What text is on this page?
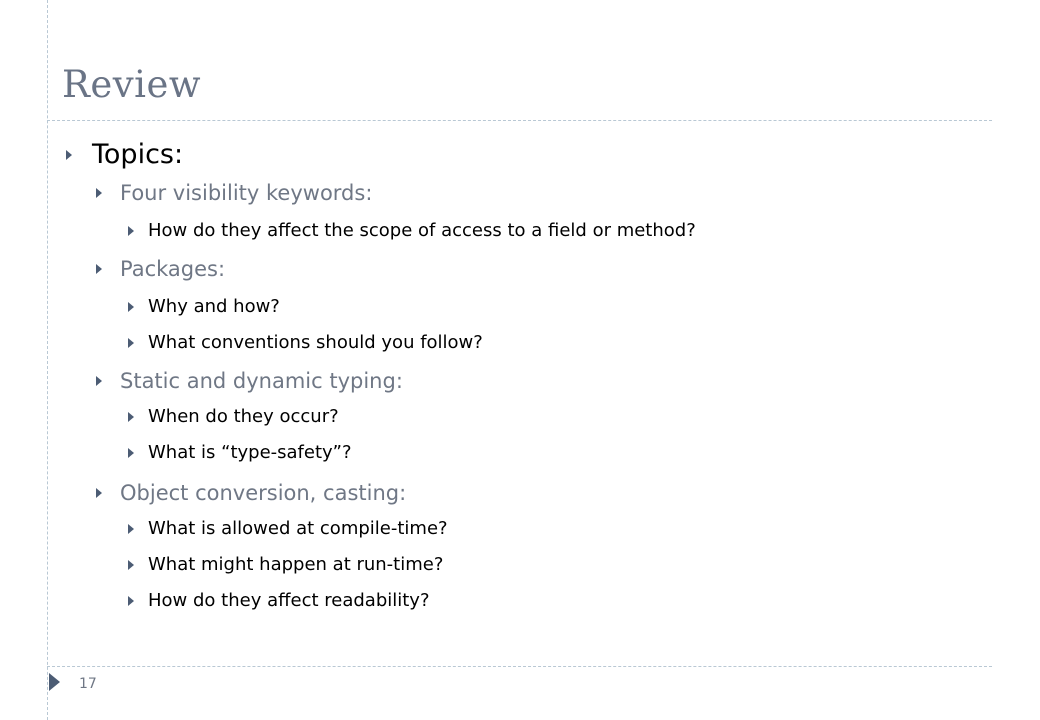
Review
Topics:
Four visibility keywords:
How do they affect the scope of access to a field or method?
Packages:
Why and how?
What conventions should you follow?
Static and dynamic typing:
When do they occur?
What is “type-safety”?
Object conversion, casting:
What is allowed at compile-time?
What might happen at run-time?
How do they affect readability?
17
